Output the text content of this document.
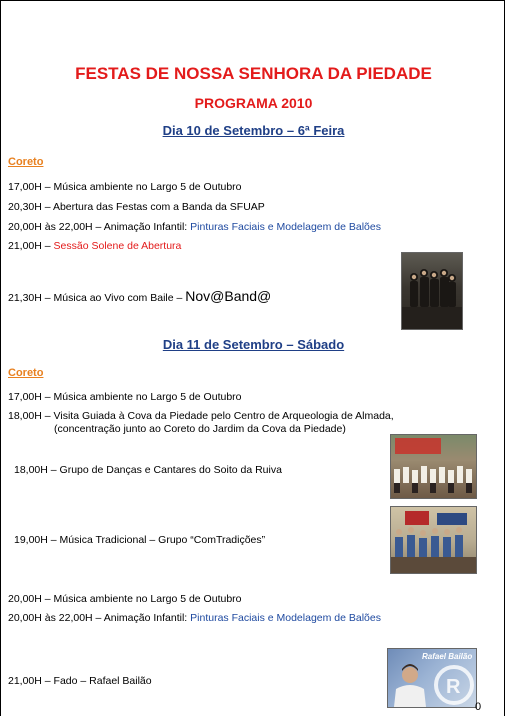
FESTAS DE NOSSA SENHORA DA PIEDADE
PROGRAMA 2010
Dia 10 de Setembro – 6ª Feira
Coreto
17,00H – Música ambiente no Largo 5 de Outubro
20,30H – Abertura das Festas com a Banda da SFUAP
20,00H às 22,00H – Animação Infantil: Pinturas Faciais e Modelagem de Balões
21,00H – Sessão Solene de Abertura
21,30H – Música ao Vivo com Baile – Nov@Band@
Dia 11 de Setembro – Sábado
Coreto
17,00H – Música ambiente no Largo 5 de Outubro
18,00H – Visita Guiada à Cova da Piedade pelo Centro de Arqueologia de Almada,
(concentração junto ao Coreto do Jardim da Cova da Piedade)
18,00H – Grupo de Danças e Cantares do Soito da Ruiva
19,00H – Música Tradicional – Grupo “ComTradições”
20,00H – Música ambiente no Largo 5 de Outubro
20,00H às 22,00H – Animação Infantil: Pinturas Faciais e Modelagem de Balões
21,00H – Fado – Rafael Bailão	R
Rafael Bailão
0
